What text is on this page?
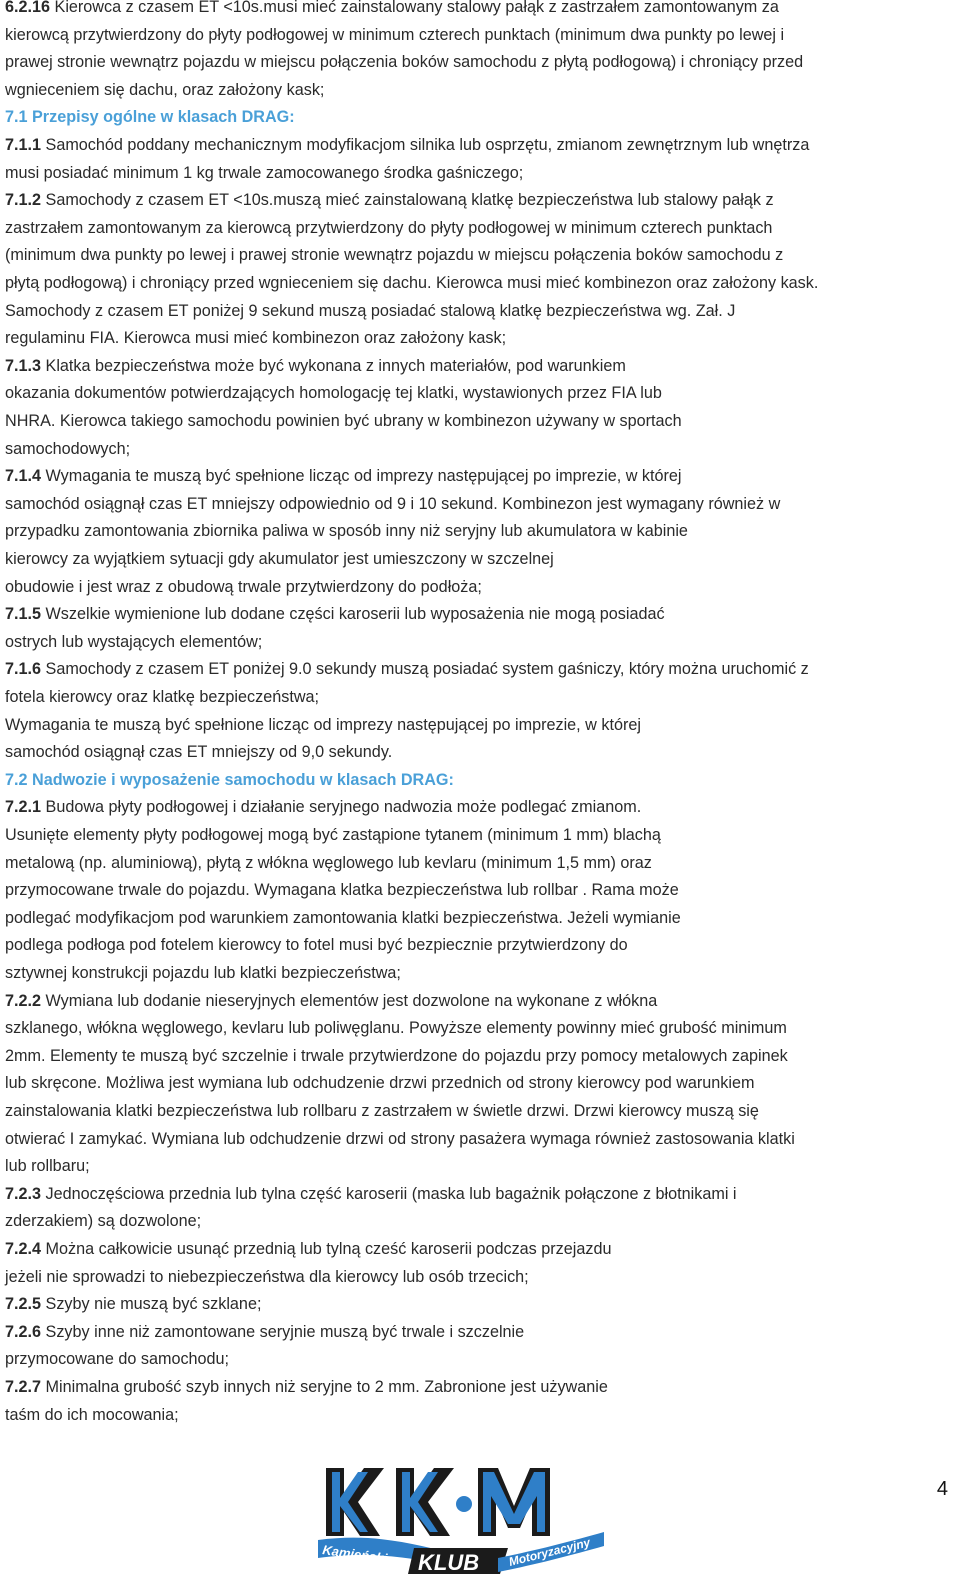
6.2.16 Kierowca z czasem ET <10s.musi mieć zainstalowany stalowy pałąk z zastrzałem zamontowanym za
kierowcą przytwierdzony do płyty podłogowej w minimum czterech punktach (minimum dwa punkty po lewej i
prawej stronie wewnątrz pojazdu w miejscu połączenia boków samochodu z płytą podłogową) i chroniący przed
wgnieceniem się dachu, oraz założony kask;
7.1 Przepisy ogólne w klasach DRAG:
7.1.1 Samochód poddany mechanicznym modyfikacjom silnika lub osprzętu, zmianom zewnętrznym lub wnętrza
musi posiadać minimum 1 kg trwale zamocowanego środka gaśniczego;
7.1.2 Samochody z czasem ET <10s.muszą mieć zainstalowaną klatkę bezpieczeństwa lub stalowy pałąk z
zastrzałem zamontowanym za kierowcą przytwierdzony do płyty podłogowej w minimum czterech punktach
(minimum dwa punkty po lewej i prawej stronie wewnątrz pojazdu w miejscu połączenia boków samochodu z
płytą podłogową) i chroniący przed wgnieceniem się dachu. Kierowca musi mieć kombinezon oraz założony kask.
Samochody z czasem ET poniżej 9 sekund muszą posiadać stalową klatkę bezpieczeństwa wg. Zał. J
regulaminu FIA. Kierowca musi mieć kombinezon oraz założony kask;
7.1.3 Klatka bezpieczeństwa może być wykonana z innych materiałów, pod warunkiem
okazania dokumentów potwierdzających homologację tej klatki, wystawionych przez FIA lub
NHRA. Kierowca takiego samochodu powinien być ubrany w kombinezon używany w sportach
samochodowych;
7.1.4 Wymagania te muszą być spełnione licząc od imprezy następującej po imprezie, w której
samochód osiągnął czas ET mniejszy odpowiednio od 9 i 10 sekund. Kombinezon jest wymagany również w
przypadku zamontowania zbiornika paliwa w sposób inny niż seryjny lub akumulatora w kabinie
kierowcy za wyjątkiem sytuacji gdy akumulator jest umieszczony w szczelnej
obudowie i jest wraz z obudową trwale przytwierdzony do podłoża;
7.1.5 Wszelkie wymienione lub dodane części karoserii lub wyposażenia nie mogą posiadać
ostrych lub wystających elementów;
7.1.6 Samochody z czasem ET poniżej 9.0 sekundy muszą posiadać system gaśniczy, który można uruchomić z
fotela kierowcy oraz klatkę bezpieczeństwa;
Wymagania te muszą być spełnione licząc od imprezy następującej po imprezie, w której
samochód osiągnął czas ET mniejszy od 9,0 sekundy.
7.2 Nadwozie i wyposażenie samochodu w klasach DRAG:
7.2.1 Budowa płyty podłogowej i działanie seryjnego nadwozia może podlegać zmianom.
Usunięte elementy płyty podłogowej mogą być zastąpione tytanem (minimum 1 mm) blachą
metalową (np. aluminiową), płytą z włókna węglowego lub kevlaru (minimum 1,5 mm) oraz
przymocowane trwale do pojazdu. Wymagana klatka bezpieczeństwa lub rollbar . Rama może
podlegać modyfikacjom pod warunkiem zamontowania klatki bezpieczeństwa. Jeżeli wymianie
podlega podłoga pod fotelem kierowcy to fotel musi być bezpiecznie przytwierdzony do
sztywnej konstrukcji pojazdu lub klatki bezpieczeństwa;
7.2.2 Wymiana lub dodanie nieseryjnych elementów jest dozwolone na wykonane z włókna
szklanego, włókna węglowego, kevlaru lub poliwęglanu. Powyższe elementy powinny mieć grubość minimum
2mm. Elementy te muszą być szczelnie i trwale przytwierdzone do pojazdu przy pomocy metalowych zapinek
lub skręcone. Możliwa jest wymiana lub odchudzenie drzwi przednich od strony kierowcy pod warunkiem
zainstalowania klatki bezpieczeństwa lub rollbaru z zastrzałem w świetle drzwi. Drzwi kierowcy muszą się
otwierać I zamykać. Wymiana lub odchudzenie drzwi od strony pasażera wymaga również zastosowania klatki
lub rollbaru;
7.2.3 Jednoczęściowa przednia lub tylna część karoserii (maska lub bagażnik połączone z błotnikami i
zderzakiem) są dozwolone;
7.2.4 Można całkowicie usunąć przednią lub tylną cześć karoserii podczas przejazdu
jeżeli nie sprowadzi to niebezpieczeństwa dla kierowcy lub osób trzecich;
7.2.5 Szyby nie muszą być szklane;
7.2.6 Szyby inne niż zamontowane seryjnie muszą być trwale i szczelnie
przymocowane do samochodu;
7.2.7 Minimalna grubość szyb innych niż seryjne to 2 mm. Zabronione jest używanie
taśm do ich mocowania;
4
KLUB
Kamieński	Motoryzacyjny
